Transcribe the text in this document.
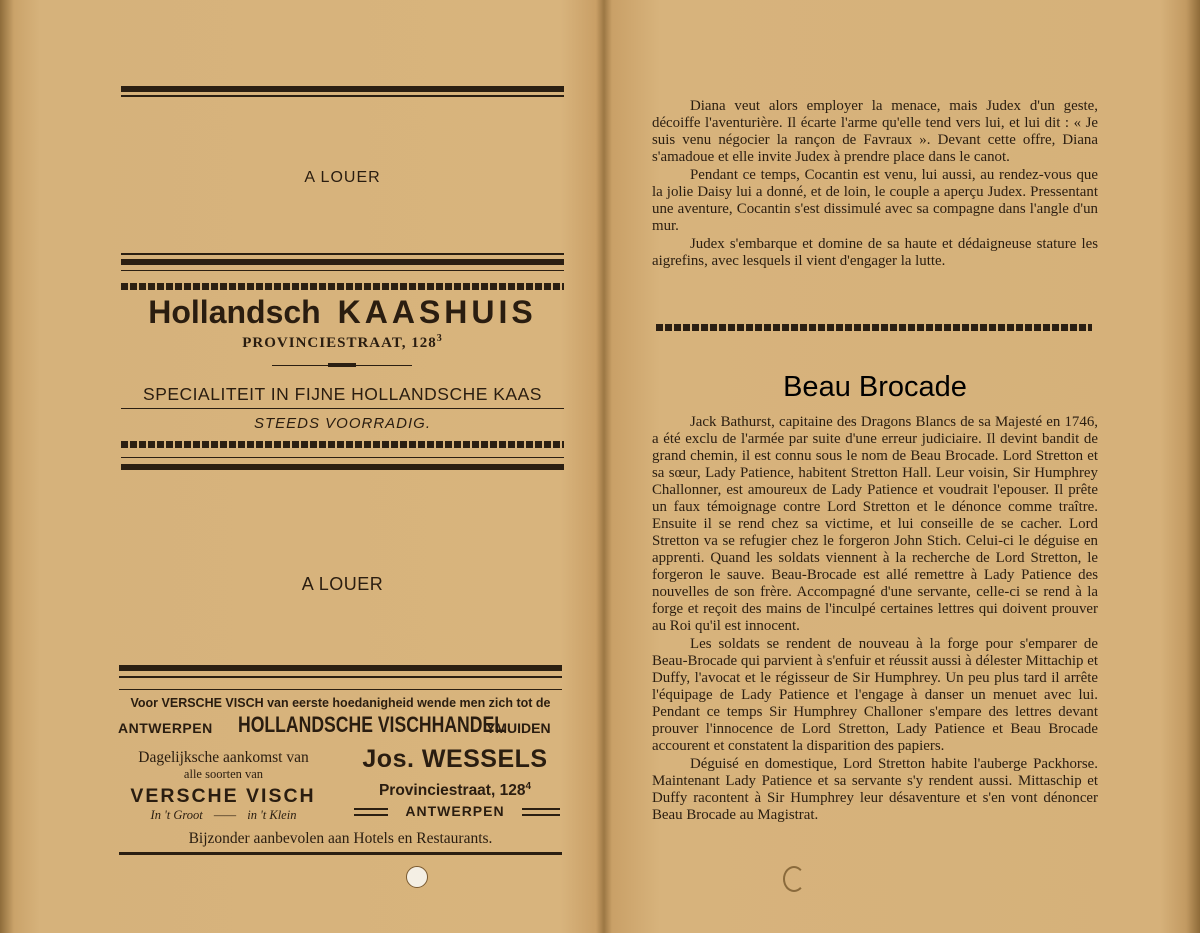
A LOUER
Hollandsch KAASHUIS
PROVINCIESTRAAT, $128^3$
SPECIALITEIT IN FIJNE HOLLANDSCHE KAAS
STEEDS VOORRADIG.
A LOUER
Voor VERSCHE VISCH van eerste hoedanigheid wende men zich tot de
ANTWERPEN HOLLANDSCHE VISCHHANDEL
YMUIDEN
Dagelijksche aankomst van
alle soorten van
VERSCHE VISCH
In 't Groot —— in 't Klein
Jos. WESSELS
Provinciestraat, $128^4$
ANTWERPEN
Bijzonder aanbevolen aan Hotels en Restaurants.

Diana veut alors employer la menace, mais Judex d'un geste, décoiffe l'aventurière. Il écarte l'arme qu'elle tend vers lui, et lui dit : « Je suis venu négocier la rançon de Favraux ». Devant cette offre, Diana s'amadoue et elle invite Judex à prendre place dans le canot.

Pendant ce temps, Cocantin est venu, lui aussi, au rendez-vous que la jolie Daisy lui a donné, et de loin, le couple a aperçu Judex. Pressentant une aventure, Cocantin s'est dissimulé avec sa compagne dans l'angle d'un mur.

Judex s'embarque et domine de sa haute et dédaigneuse stature les aigrefins, avec lesquels il vient d'engager la lutte.

Beau Brocade

Jack Bathurst, capitaine des Dragons Blancs de sa Majesté en 1746, a été exclu de l'armée par suite d'une erreur judiciaire. Il devint bandit de grand chemin, il est connu sous le nom de Beau Brocade. Lord Stretton et sa sœur, Lady Patience, habitent Stretton Hall. Leur voisin, Sir Humphrey Challonner, est amoureux de Lady Patience et voudrait l'epouser. Il prête un faux témoignage contre Lord Stretton et le dénonce comme traître. Ensuite il se rend chez sa victime, et lui conseille de se cacher. Lord Stretton va se refugier chez le forgeron John Stich. Celui-ci le déguise en apprenti. Quand les soldats viennent à la recherche de Lord Stretton, le forgeron le sauve. Beau-Brocade est allé remettre à Lady Patience des nouvelles de son frère. Accompagné d'une servante, celle-ci se rend à la forge et reçoit des mains de l'inculpé certaines lettres qui doivent prouver au Roi qu'il est innocent.

Les soldats se rendent de nouveau à la forge pour s'emparer de Beau-Brocade qui parvient à s'enfuir et réussit aussi à délester Mittachip et Duffy, l'avocat et le régisseur de Sir Humphrey. Un peu plus tard il arrête l'équipage de Lady Patience et l'engage à danser un menuet avec lui. Pendant ce temps Sir Humphrey Challoner s'empare des lettres devant prouver l'innocence de Lord Stretton, Lady Patience et Beau Brocade accourent et constatent la disparition des papiers.

Déguisé en domestique, Lord Stretton habite l'auberge Packhorse. Maintenant Lady Patience et sa servante s'y rendent aussi. Mittaschip et Duffy racontent à Sir Humphrey leur désaventure et s'en vont dénoncer Beau Brocade au Magistrat.
